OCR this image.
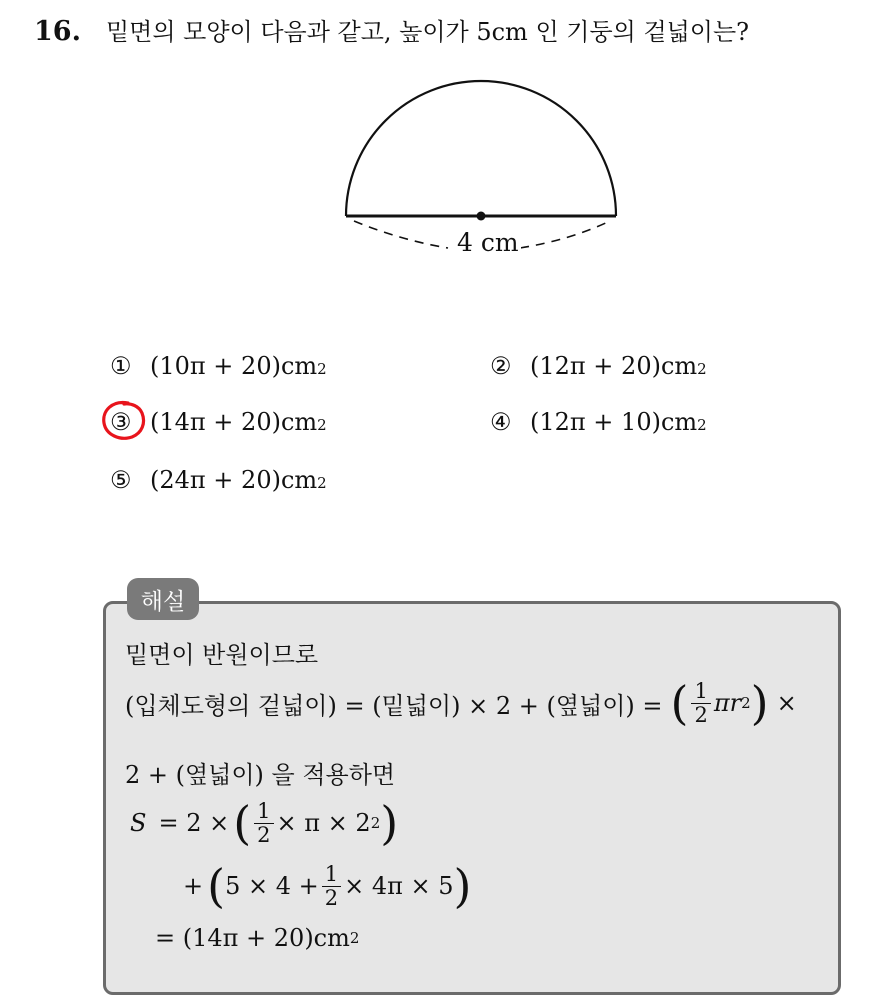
16.	밑면의 모양이 다음과 같고, 높이가 5cm 인 기둥의 겉넓이는?
4 cm
① (10π + 20)cm 2	② (12π + 20)cm 2
③ (14π + 20)cm 2	④ (12π + 10)cm 2
⑤ (24π + 20)cm 2
해설
밑면이 반원이므로
(입체도형의 겉넓이) = (밑넓이) × 2 + (옆넓이) = ( $\frac{1}{2}$ πr 2 ) ×
2 + (옆넓이) 을 적용하면
S = 2 × ( $\frac{1}{2} \times \pi \times 2$ 2 )
+ ( $5 \times 4 + \frac{1}{2} \times 4\pi \times 5$ )
= (14π + 20)cm 2
